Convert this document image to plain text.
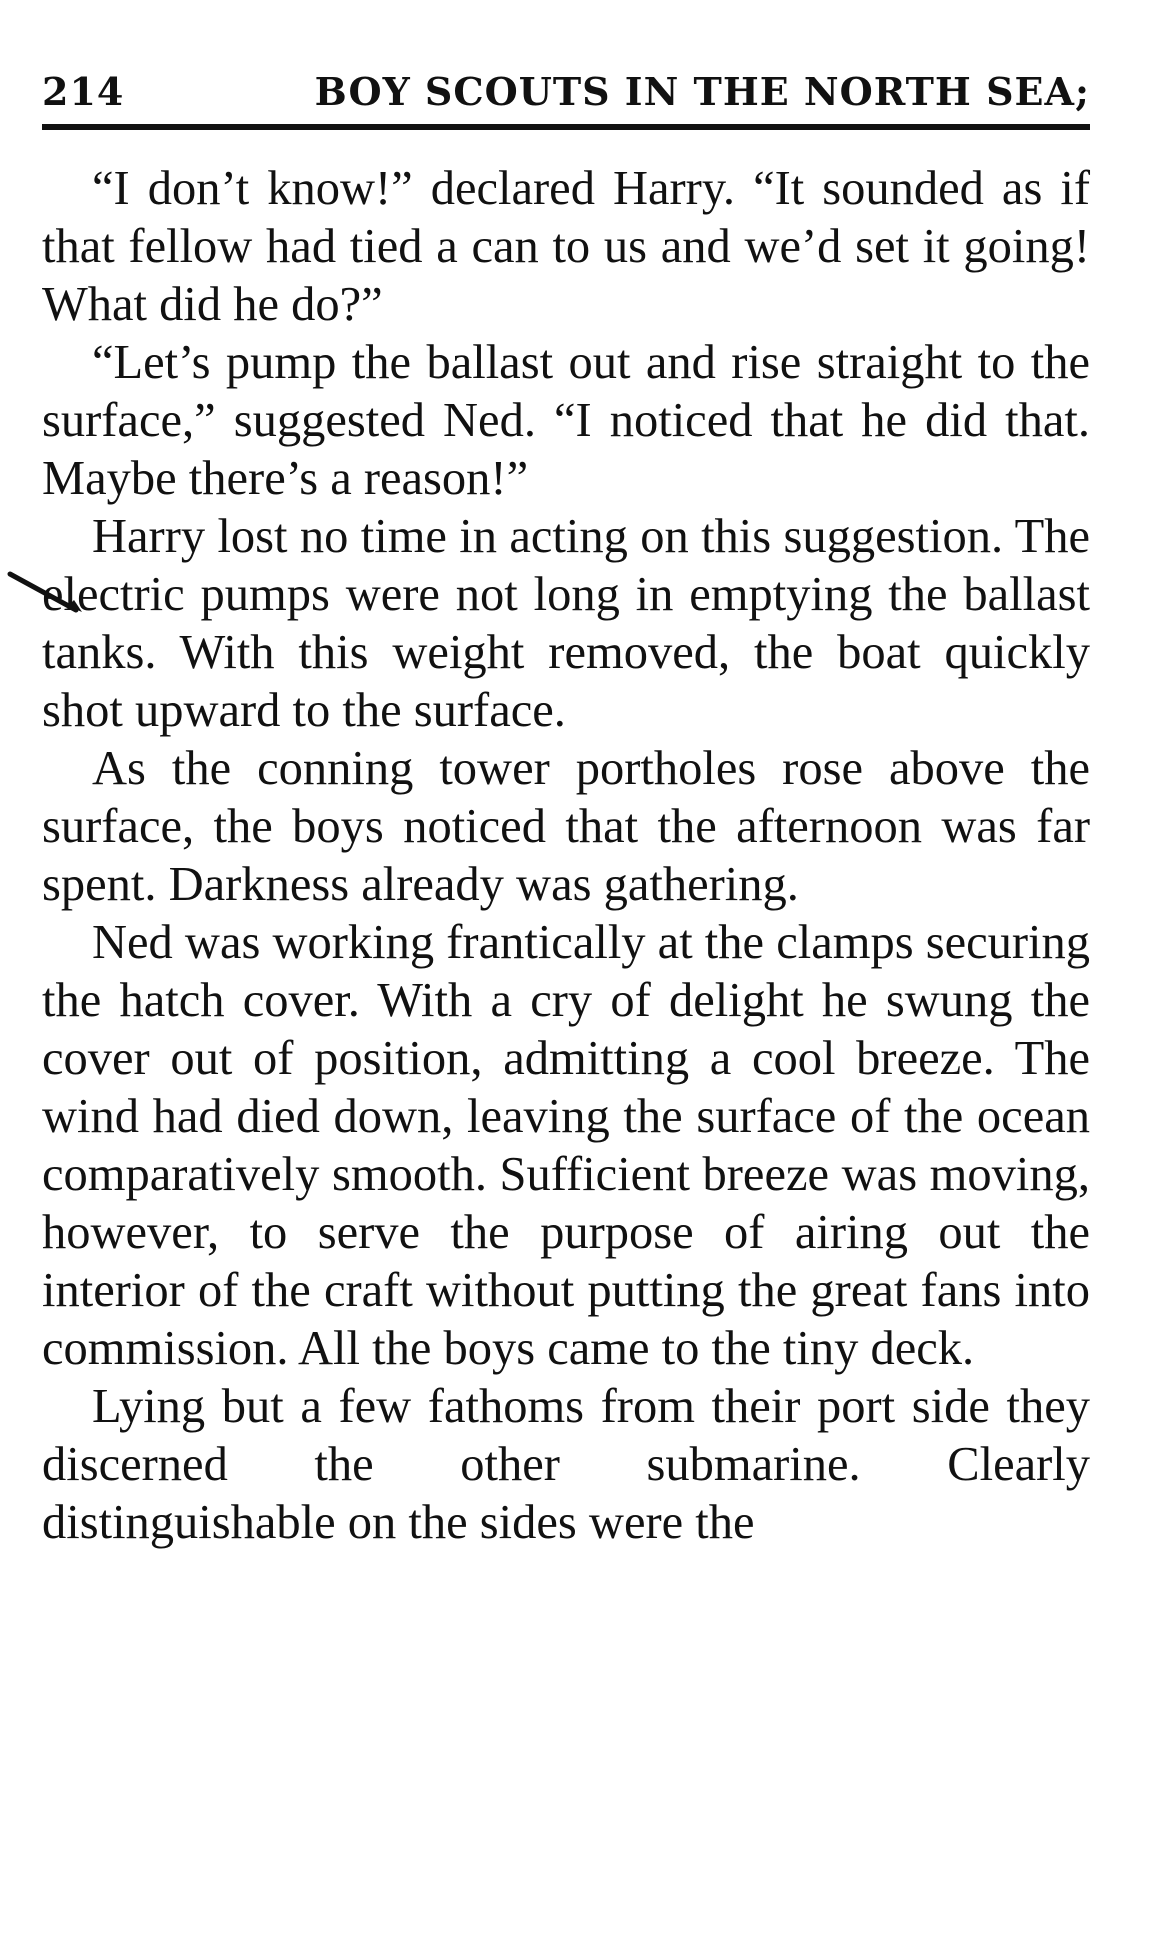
214	BOY SCOUTS IN THE NORTH SEA;

“I don’t know!” declared Harry. “It sounded as if that fellow had tied a can to us and we’d set it going! What did he do?”

“Let’s pump the ballast out and rise straight to the surface,” suggested Ned. “I noticed that he did that. Maybe there’s a reason!”

Harry lost no time in acting on this suggestion. The electric pumps were not long in emptying the ballast tanks. With this weight removed, the boat quickly shot upward to the surface.

As the conning tower portholes rose above the surface, the boys noticed that the afternoon was far spent. Darkness already was gathering.

Ned was working frantically at the clamps securing the hatch cover. With a cry of delight he swung the cover out of position, admitting a cool breeze. The wind had died down, leaving the surface of the ocean comparatively smooth. Sufficient breeze was moving, however, to serve the purpose of airing out the interior of the craft without putting the great fans into commission. All the boys came to the tiny deck.

Lying but a few fathoms from their port side they discerned the other submarine. Clearly distinguishable on the sides were the
